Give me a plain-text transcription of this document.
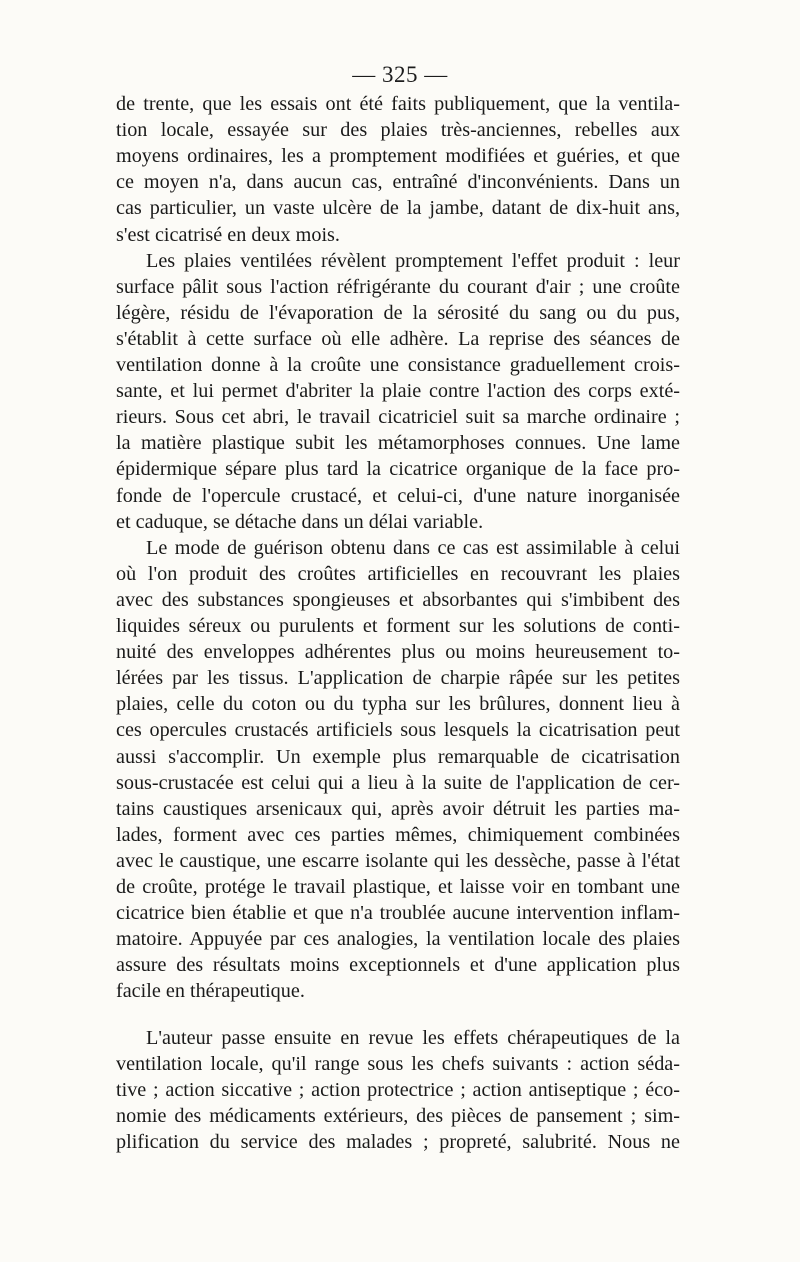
— 325 —
de trente, que les essais ont été faits publiquement, que la ventila-
tion locale, essayée sur des plaies très-anciennes, rebelles aux
moyens ordinaires, les a promptement modifiées et guéries, et que
ce moyen n'a, dans aucun cas, entraîné d'inconvénients. Dans un
cas particulier, un vaste ulcère de la jambe, datant de dix-huit ans,
s'est cicatrisé en deux mois.
Les plaies ventilées révèlent promptement l'effet produit : leur
surface pâlit sous l'action réfrigérante du courant d'air ; une croûte
légère, résidu de l'évaporation de la sérosité du sang ou du pus,
s'établit à cette surface où elle adhère. La reprise des séances de
ventilation donne à la croûte une consistance graduellement crois-
sante, et lui permet d'abriter la plaie contre l'action des corps exté-
rieurs. Sous cet abri, le travail cicatriciel suit sa marche ordinaire ;
la matière plastique subit les métamorphoses connues. Une lame
épidermique sépare plus tard la cicatrice organique de la face pro-
fonde de l'opercule crustacé, et celui-ci, d'une nature inorganisée
et caduque, se détache dans un délai variable.
Le mode de guérison obtenu dans ce cas est assimilable à celui
où l'on produit des croûtes artificielles en recouvrant les plaies
avec des substances spongieuses et absorbantes qui s'imbibent des
liquides séreux ou purulents et forment sur les solutions de conti-
nuité des enveloppes adhérentes plus ou moins heureusement to-
lérées par les tissus. L'application de charpie râpée sur les petites
plaies, celle du coton ou du typha sur les brûlures, donnent lieu à
ces opercules crustacés artificiels sous lesquels la cicatrisation peut
aussi s'accomplir. Un exemple plus remarquable de cicatrisation
sous-crustacée est celui qui a lieu à la suite de l'application de cer-
tains caustiques arsenicaux qui, après avoir détruit les parties ma-
lades, forment avec ces parties mêmes, chimiquement combinées
avec le caustique, une escarre isolante qui les dessèche, passe à l'état
de croûte, protége le travail plastique, et laisse voir en tombant une
cicatrice bien établie et que n'a troublée aucune intervention inflam-
matoire. Appuyée par ces analogies, la ventilation locale des plaies
assure des résultats moins exceptionnels et d'une application plus
facile en thérapeutique.
L'auteur passe ensuite en revue les effets chérapeutiques de la
ventilation locale, qu'il range sous les chefs suivants : action séda-
tive ; action siccative ; action protectrice ; action antiseptique ; éco-
nomie des médicaments extérieurs, des pièces de pansement ; sim-
plification du service des malades ; propreté, salubrité. Nous ne
